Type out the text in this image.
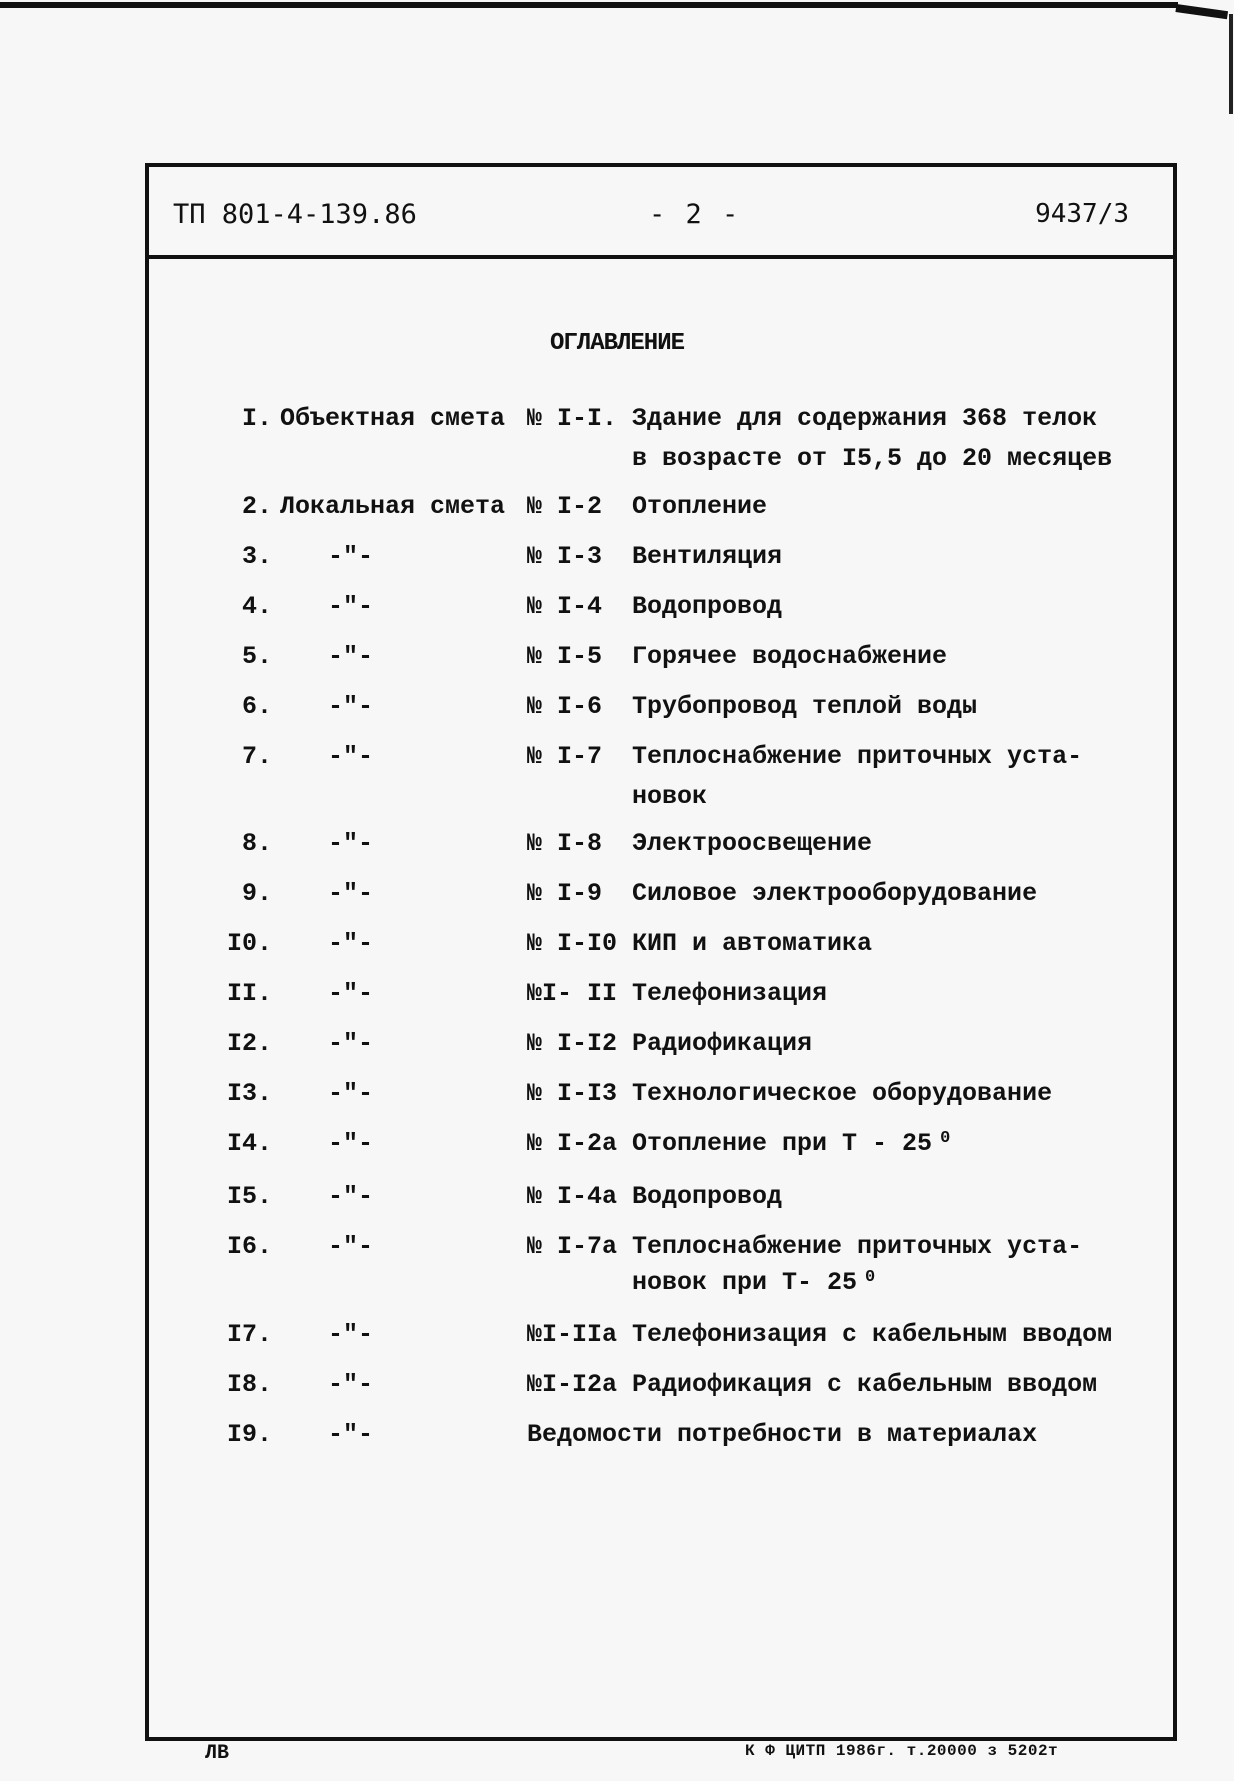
ТП 801-4-139.86	- 2 -	9437/3
ОГЛАВЛЕНИЕ
I. Объектная смета № I-I. Здание для содержания 368 телок
в возрасте от I5,5 до 20 месяцев
2. Локальная смета № I-2 Отопление
3. -"-	№ I-3 Вентиляция
4. -"-	№ I-4 Водопровод
5. -"-	№ I-5 Горячее водоснабжение
6. -"-	№ I-6 Трубопровод теплой воды
7. -"-	№ I-7 Теплоснабжение приточных уста-
новок
8. -"-	№ I-8 Электроосвещение
9. -"-	№ I-9 Силовое электрооборудование
I0. -"-	№ I-I0 КИП и автоматика
II. -"-	№I- II Телефонизация
I2. -"-	№ I-I2 Радиофикация
I3. -"-	№ I-I3 Технологическое оборудование
I4. -"-	№ I-2а Отопление при Т - 25 0
I5. -"-	№ I-4а Водопровод
I6. -"-	№ I-7а Теплоснабжение приточных уста-
новок при Т- 25 0
I7. -"-	№I-IIа Телефонизация с кабельным вводом
I8. -"-	№I-I2а Радиофикация с кабельным вводом
I9. -"-	Ведомости потребности в материалах
ЛВ	К Ф ЦИТП 1986г. т.20000 з 5202т
